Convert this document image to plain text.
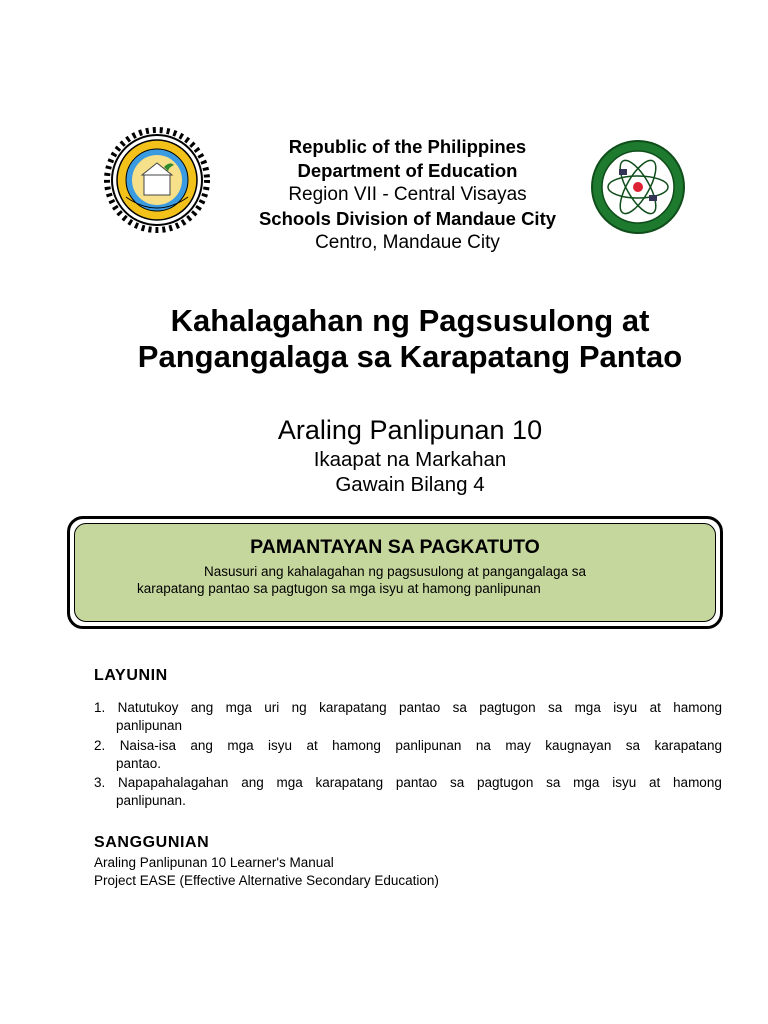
Republic of the Philippines
Department of Education
Region VII - Central Visayas
Schools Division of Mandaue City
Centro, Mandaue City
Kahalagahan ng Pagsusulong at
Pangangalaga sa Karapatang Pantao
Araling Panlipunan 10
Ikaapat na Markahan
Gawain Bilang 4
PAMANTAYAN SA PAGKATUTO
Nasusuri ang kahalagahan ng pagsusulong at pangangalaga sa
karapatang pantao sa pagtugon sa mga isyu at hamong panlipunan
LAYUNIN
1. Natutukoy ang mga uri ng karapatang pantao sa pagtugon sa mga isyu at hamong
panlipunan
2. Naisa-isa ang mga isyu at hamong panlipunan na may kaugnayan sa karapatang
pantao.
3. Napapahalagahan ang mga karapatang pantao sa pagtugon sa mga isyu at hamong
panlipunan.
SANGGUNIAN
Araling Panlipunan 10 Learner's Manual
Project EASE (Effective Alternative Secondary Education)
